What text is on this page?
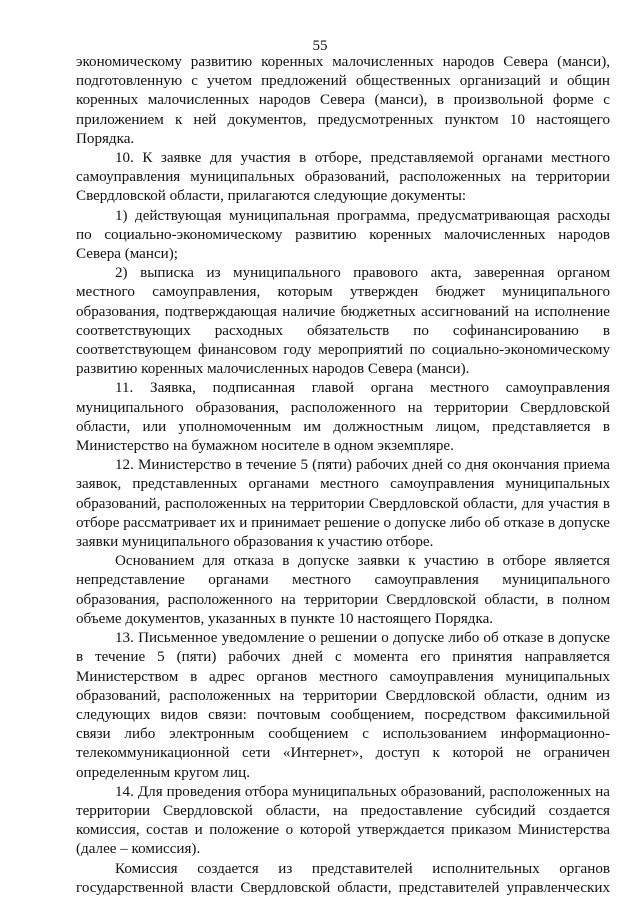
55

экономическому развитию коренных малочисленных народов Севера (манси), подготовленную с учетом предложений общественных организаций и общин коренных малочисленных народов Севера (манси), в произвольной форме с приложением к ней документов, предусмотренных пунктом 10 настоящего Порядка.

10. К заявке для участия в отборе, представляемой органами местного самоуправления муниципальных образований, расположенных на территории Свердловской области, прилагаются следующие документы:

1) действующая муниципальная программа, предусматривающая расходы по социально-экономическому развитию коренных малочисленных народов Севера (манси);

2) выписка из муниципального правового акта, заверенная органом местного самоуправления, которым утвержден бюджет муниципального образования, подтверждающая наличие бюджетных ассигнований на исполнение соответствующих расходных обязательств по софинансированию в соответствующем финансовом году мероприятий по социально-экономическому развитию коренных малочисленных народов Севера (манси).

11. Заявка, подписанная главой органа местного самоуправления муниципального образования, расположенного на территории Свердловской области, или уполномоченным им должностным лицом, представляется в Министерство на бумажном носителе в одном экземпляре.

12. Министерство в течение 5 (пяти) рабочих дней со дня окончания приема заявок, представленных органами местного самоуправления муниципальных образований, расположенных на территории Свердловской области, для участия в отборе рассматривает их и принимает решение о допуске либо об отказе в допуске заявки муниципального образования к участию отборе.

Основанием для отказа в допуске заявки к участию в отборе является непредставление органами местного самоуправления муниципального образования, расположенного на территории Свердловской области, в полном объеме документов, указанных в пункте 10 настоящего Порядка.

13. Письменное уведомление о решении о допуске либо об отказе в допуске в течение 5 (пяти) рабочих дней с момента его принятия направляется Министерством в адрес органов местного самоуправления муниципальных образований, расположенных на территории Свердловской области, одним из следующих видов связи: почтовым сообщением, посредством факсимильной связи либо электронным сообщением с использованием информационно-телекоммуникационной сети «Интернет», доступ к которой не ограничен определенным кругом лиц.

14. Для проведения отбора муниципальных образований, расположенных на территории Свердловской области, на предоставление субсидий создается комиссия, состав и положение о которой утверждается приказом Министерства (далее – комиссия).

Комиссия создается из представителей исполнительных органов государственной власти Свердловской области, представителей управленческих
